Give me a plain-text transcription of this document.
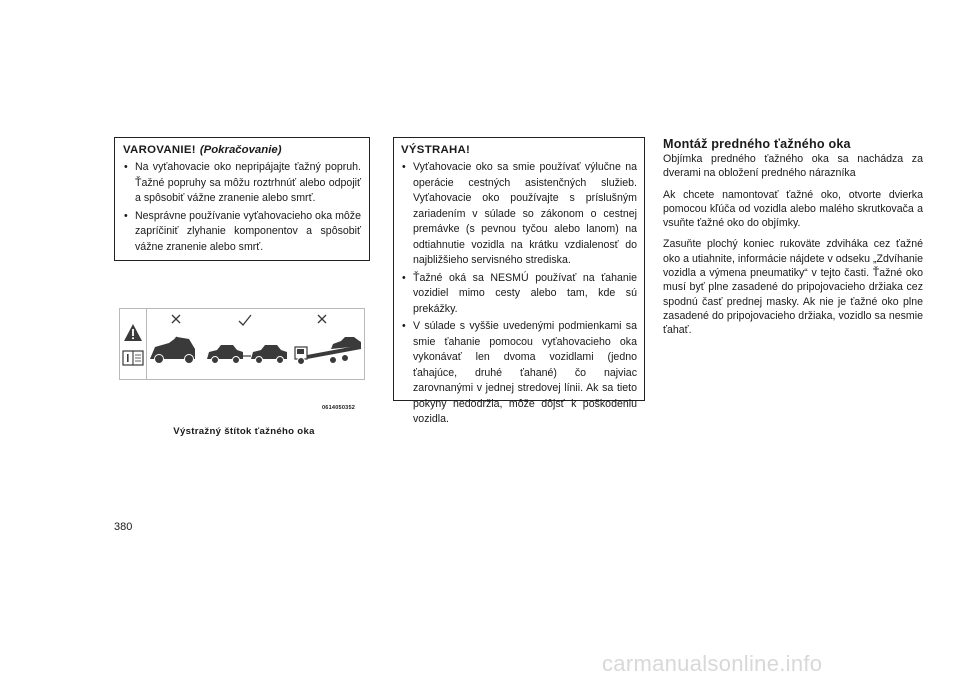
VAROVANIE! (Pokračovanie)
• Na vyťahovacie oko nepripájajte ťažný popruh. Ťažné popruhy sa môžu roztrhnúť alebo odpojiť a spôsobiť vážne zranenie alebo smrť.
• Nesprávne používanie vyťahovacieho oka môže zapríčiniť zlyhanie komponentov a spôsobiť vážne zranenie alebo smrť.
VÝSTRAHA!
• Vyťahovacie oko sa smie používať výlučne na operácie cestných asistenčných služieb. Vyťahovacie oko používajte s príslušným zariadením v súlade so zákonom o cestnej premávke (s pevnou tyčou alebo lanom) na odtiahnutie vozidla na krátku vzdialenosť do najbližšieho servisného strediska.
• Ťažné oká sa NESMÚ používať na ťahanie vozidiel mimo cesty alebo tam, kde sú prekážky.
• V súlade s vyššie uvedenými podmienkami sa smie ťahanie pomocou vyťahovacieho oka vykonávať len dvoma vozidlami (jedno ťahajúce, druhé ťahané) čo najviac zarovnanými v jednej stredovej línii. Ak sa tieto pokyny nedodržia, môže dôjsť k poškodeniu vozidla.
Montáž predného ťažného oka

Objímka predného ťažného oka sa nachádza za dverami na obložení predného nárazníka

Ak chcete namontovať ťažné oko, otvorte dvierka pomocou kľúča od vozidla alebo malého skrutkovača a vsuňte ťažné oko do objímky.

Zasuňte plochý koniec rukoväte zdviháka cez ťažné oko a utiahnite, informácie nájdete v odseku „Zdvíhanie vozidla a výmena pneumatiky“ v tejto časti. Ťažné oko musí byť plne zasadené do pripojovacieho držiaka cez spodnú časť prednej masky. Ak nie je ťažné oko plne zasadené do pripojovacieho držiaka, vozidlo sa nesmie ťahať.

0614050352
Výstražný štítok ťažného oka
380
carmanualsonline.info
